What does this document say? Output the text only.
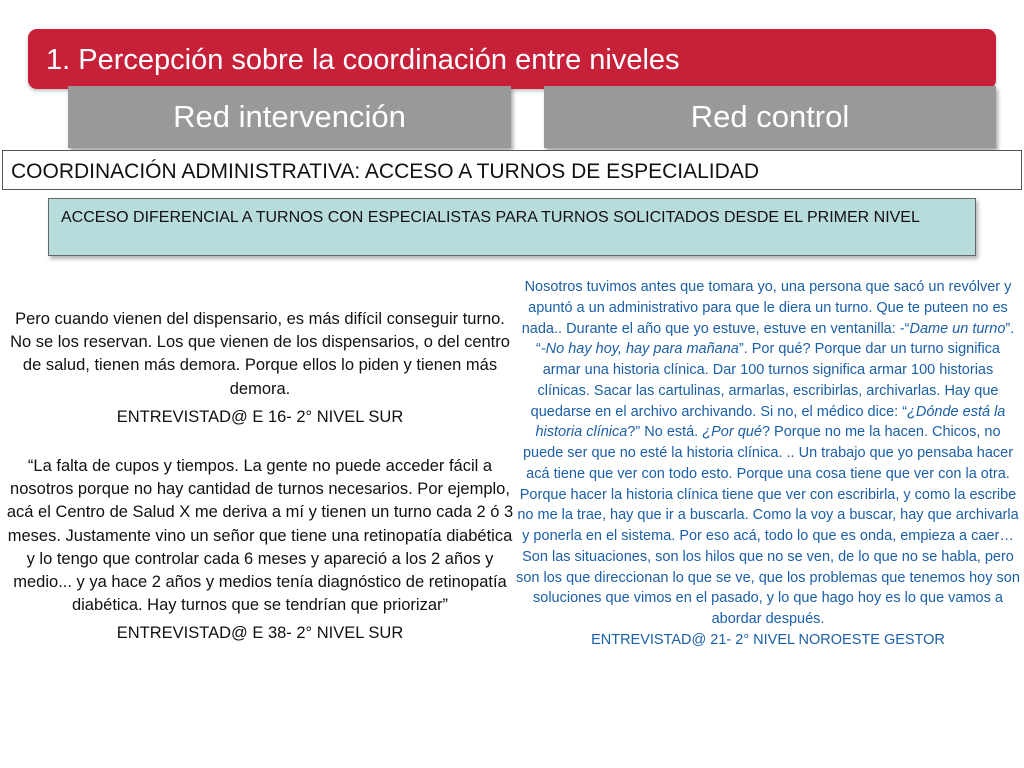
1. Percepción sobre la coordinación entre niveles
Red intervención	Red control
COORDINACIÓN ADMINISTRATIVA: ACCESO A TURNOS DE ESPECIALIDAD
ACCESO DIFERENCIAL A TURNOS CON ESPECIALISTAS PARA TURNOS SOLICITADOS DESDE EL PRIMER NIVEL

Pero cuando vienen del dispensario, es más difícil conseguir turno. No se los reservan. Los que vienen de los dispensarios, o del centro de salud, tienen más demora. Porque ellos lo piden y tienen más demora.

ENTREVISTAD@ E 16- 2° NIVEL SUR

“La falta de cupos y tiempos. La gente no puede acceder fácil a nosotros porque no hay cantidad de turnos necesarios. Por ejemplo, acá el Centro de Salud X me deriva a mí y tienen un turno cada 2 ó 3 meses. Justamente vino un señor que tiene una retinopatía diabética y lo tengo que controlar cada 6 meses y apareció a los 2 años y medio... y ya hace 2 años y medios tenía diagnóstico de retinopatía diabética. Hay turnos que se tendrían que priorizar”

ENTREVISTAD@ E 38- 2° NIVEL SUR

Nosotros tuvimos antes que tomara yo, una persona que sacó un revólver y apuntó a un administrativo para que le diera un turno. Que te puteen no es nada.. Durante el año que yo estuve, estuve en ventanilla: -“Dame un turno”. “-No hay hoy, hay para mañana”. Por qué? Porque dar un turno significa armar una historia clínica. Dar 100 turnos significa armar 100 historias clínicas. Sacar las cartulinas, armarlas, escribirlas, archivarlas. Hay que quedarse en el archivo archivando. Si no, el médico dice: “¿Dónde está la historia clínica?” No está. ¿Por qué? Porque no me la hacen. Chicos, no puede ser que no esté la historia clínica. .. Un trabajo que yo pensaba hacer acá tiene que ver con todo esto. Porque una cosa tiene que ver con la otra. Porque hacer la historia clínica tiene que ver con escribirla, y como la escribe no me la trae, hay que ir a buscarla. Como la voy a buscar, hay que archivarla y ponerla en el sistema. Por eso acá, todo lo que es onda, empieza a caer… Son las situaciones, son los hilos que no se ven, de lo que no se habla, pero son los que direccionan lo que se ve, que los problemas que tenemos hoy son soluciones que vimos en el pasado, y lo que hago hoy es lo que vamos a abordar después.

ENTREVISTAD@ 21- 2° NIVEL NOROESTE GESTOR
